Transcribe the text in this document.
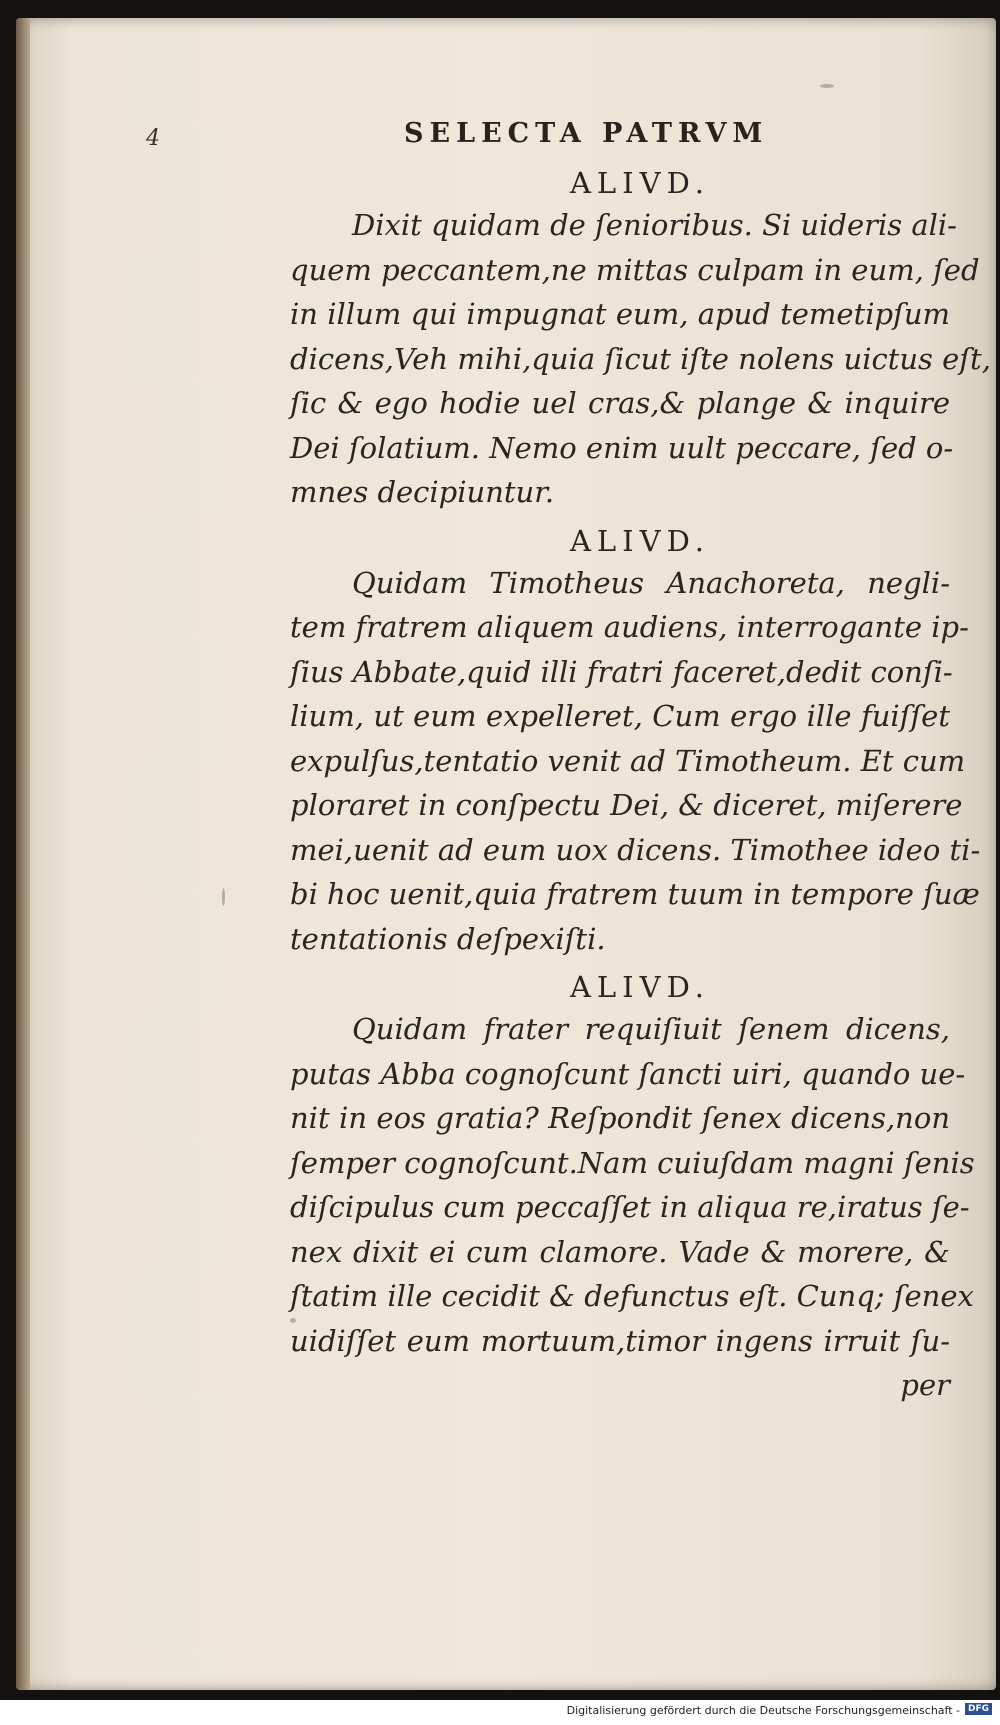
4	SELECTA PATRVM
ALIVD.
Dixit quidam de ſenioribus. Si uideris ali-
quem peccantem,ne mittas culpam in eum, ſed
in illum qui impugnat eum, apud temetipſum
dicens,Veh mihi,quia ſicut iſte nolens uictus eſt,
ſic & ego hodie uel cras,& plange & inquire
Dei ſolatium. Nemo enim uult peccare, ſed o-
mnes decipiuntur.
ALIVD.
Quidam Timotheus Anachoreta, negli-
tem fratrem aliquem audiens, interrogante ip-
ſius Abbate,quid illi fratri faceret,dedit conſi-
lium, ut eum expelleret, Cum ergo ille fuiſſet
expulſus,tentatio venit ad Timotheum. Et cum
ploraret in conſpectu Dei, & diceret, miſerere
mei,uenit ad eum uox dicens. Timothee ideo ti-
bi hoc uenit,quia fratrem tuum in tempore ſuæ
tentationis deſpexiſti.
ALIVD.
Quidam frater requiſiuit ſenem dicens,
putas Abba cognoſcunt ſancti uiri, quando ue-
nit in eos gratia? Reſpondit ſenex dicens,non
ſemper cognoſcunt.Nam cuiuſdam magni ſenis
diſcipulus cum peccaſſet in aliqua re,iratus ſe-
nex dixit ei cum clamore. Vade & morere, &
ſtatim ille cecidit & defunctus eſt. Cunq; ſenex
uidiſſet eum mortuum,timor ingens irruit ſu-
per
Digitalisierung gefördert durch die Deutsche Forschungsgemeinschaft - DFG
